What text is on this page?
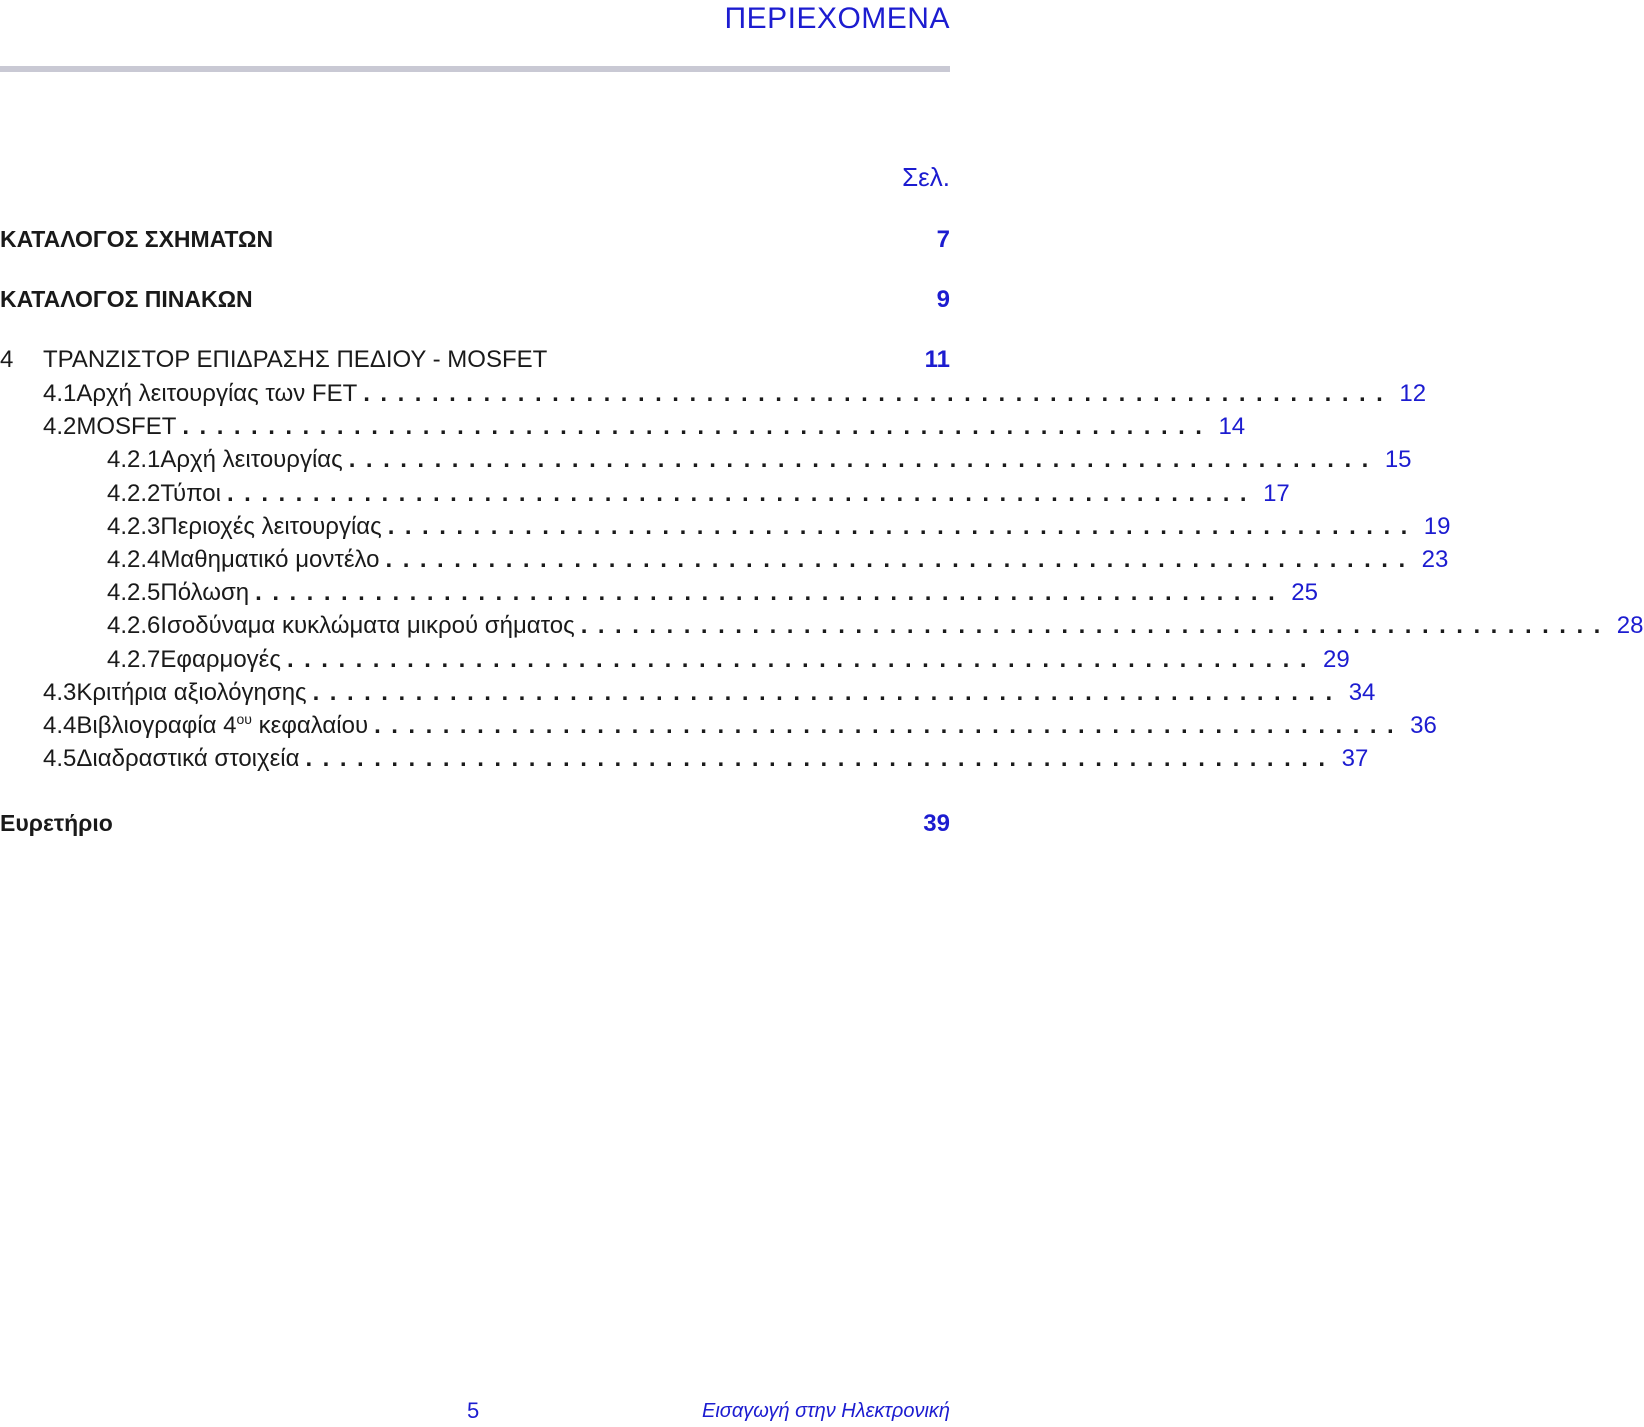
ΠΕΡΙΕΧΟΜΕΝΑ
Σελ.
ΚΑΤΑΛΟΓΟΣ ΣΧΗΜΑΤΩΝ	7
ΚΑΤΑΛΟΓΟΣ ΠΙΝΑΚΩΝ	9
4	ΤΡΑΝΖΙΣΤΟΡ ΕΠΙΔΡΑΣΗΣ ΠΕΔΙΟΥ - MOSFET	11
4.1 Αρχή λειτουργίας των FET ............................................................ 12
4.2 MOSFET ............................................................ 14
4.2.1 Αρχή λειτουργίας ............................................................ 15
4.2.2 Τύποι ............................................................ 17
4.2.3 Περιοχές λειτουργίας ............................................................ 19
4.2.4 Μαθηματικό μοντέλο ............................................................ 23
4.2.5 Πόλωση ............................................................ 25
4.2.6 Ισοδύναμα κυκλώματα μικρού σήματος ............................................................ 28
4.2.7 Εφαρμογές ............................................................ 29
4.3 Κριτήρια αξιολόγησης ............................................................ 34
4.4 Βιβλιογραφία $4^{o\upsilon}$ κεφαλαίου ............................................................ 36
4.5 Διαδραστικά στοιχεία ............................................................ 37
Ευρετήριο	39
5	Εισαγωγή στην Ηλεκτρονική
